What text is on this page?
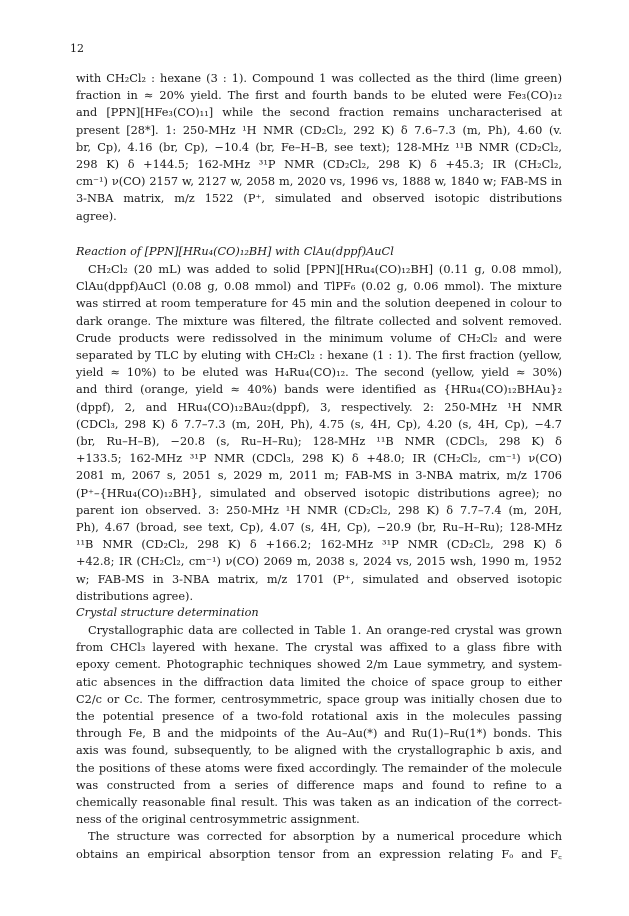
12
with CH₂Cl₂ : hexane (3 : 1). Compound 1 was collected as the third (lime green)
fraction in ≈ 20% yield. The first and fourth bands to be eluted were Fe₃(CO)₁₂
and [PPN][HFe₃(CO)₁₁] while the second fraction remains uncharacterised at
present [28*]. 1: 250-MHz ¹H NMR (CD₂Cl₂, 292 K) δ 7.6–7.3 (m, Ph), 4.60 (v.
br, Cp), 4.16 (br, Cp), −10.4 (br, Fe–H–B, see text); 128-MHz ¹¹B NMR (CD₂Cl₂,
298 K) δ +144.5; 162-MHz ³¹P NMR (CD₂Cl₂, 298 K) δ +45.3; IR (CH₂Cl₂,
cm⁻¹) ν(CO) 2157 w, 2127 w, 2058 m, 2020 vs, 1996 vs, 1888 w, 1840 w; FAB-MS in
3-NBA matrix, m/z 1522 (P⁺, simulated and observed isotopic distributions
agree).
Reaction of [PPN][HRu₄(CO)₁₂BH] with ClAu(dppf)AuCl
CH₂Cl₂ (20 mL) was added to solid [PPN][HRu₄(CO)₁₂BH] (0.11 g, 0.08 mmol),
ClAu(dppf)AuCl (0.08 g, 0.08 mmol) and TlPF₆ (0.02 g, 0.06 mmol). The mixture
was stirred at room temperature for 45 min and the solution deepened in colour to
dark orange. The mixture was filtered, the filtrate collected and solvent removed.
Crude products were redissolved in the minimum volume of CH₂Cl₂ and were
separated by TLC by eluting with CH₂Cl₂ : hexane (1 : 1). The first fraction (yellow,
yield ≈ 10%) to be eluted was H₄Ru₄(CO)₁₂. The second (yellow, yield ≈ 30%)
and third (orange, yield ≈ 40%) bands were identified as {HRu₄(CO)₁₂BHAu}₂
(dppf), 2, and HRu₄(CO)₁₂BAu₂(dppf), 3, respectively. 2: 250-MHz ¹H NMR
(CDCl₃, 298 K) δ 7.7–7.3 (m, 20H, Ph), 4.75 (s, 4H, Cp), 4.20 (s, 4H, Cp), −4.7
(br, Ru–H–B), −20.8 (s, Ru–H–Ru); 128-MHz ¹¹B NMR (CDCl₃, 298 K) δ
+133.5; 162-MHz ³¹P NMR (CDCl₃, 298 K) δ +48.0; IR (CH₂Cl₂, cm⁻¹) ν(CO)
2081 m, 2067 s, 2051 s, 2029 m, 2011 m; FAB-MS in 3-NBA matrix, m/z 1706
(P⁺–{HRu₄(CO)₁₂BH}, simulated and observed isotopic distributions agree); no
parent ion observed. 3: 250-MHz ¹H NMR (CD₂Cl₂, 298 K) δ 7.7–7.4 (m, 20H,
Ph), 4.67 (broad, see text, Cp), 4.07 (s, 4H, Cp), −20.9 (br, Ru–H–Ru); 128-MHz
¹¹B NMR (CD₂Cl₂, 298 K) δ +166.2; 162-MHz ³¹P NMR (CD₂Cl₂, 298 K) δ
+42.8; IR (CH₂Cl₂, cm⁻¹) ν(CO) 2069 m, 2038 s, 2024 vs, 2015 wsh, 1990 m, 1952
w; FAB-MS in 3-NBA matrix, m/z 1701 (P⁺, simulated and observed isotopic
distributions agree).
Crystal structure determination
Crystallographic data are collected in Table 1. An orange-red crystal was grown
from CHCl₃ layered with hexane. The crystal was affixed to a glass fibre with
epoxy cement. Photographic techniques showed 2/m Laue symmetry, and system-
atic absences in the diffraction data limited the choice of space group to either
C2/c or Cc. The former, centrosymmetric, space group was initially chosen due to
the potential presence of a two-fold rotational axis in the molecules passing
through Fe, B and the midpoints of the Au–Au(*) and Ru(1)–Ru(1*) bonds. This
axis was found, subsequently, to be aligned with the crystallographic b axis, and
the positions of these atoms were fixed accordingly. The remainder of the molecule
was constructed from a series of difference maps and found to refine to a
chemically reasonable final result. This was taken as an indication of the correct-
ness of the original centrosymmetric assignment.
The structure was corrected for absorption by a numerical procedure which
obtains an empirical absorption tensor from an expression relating Fₒ and F꜀
